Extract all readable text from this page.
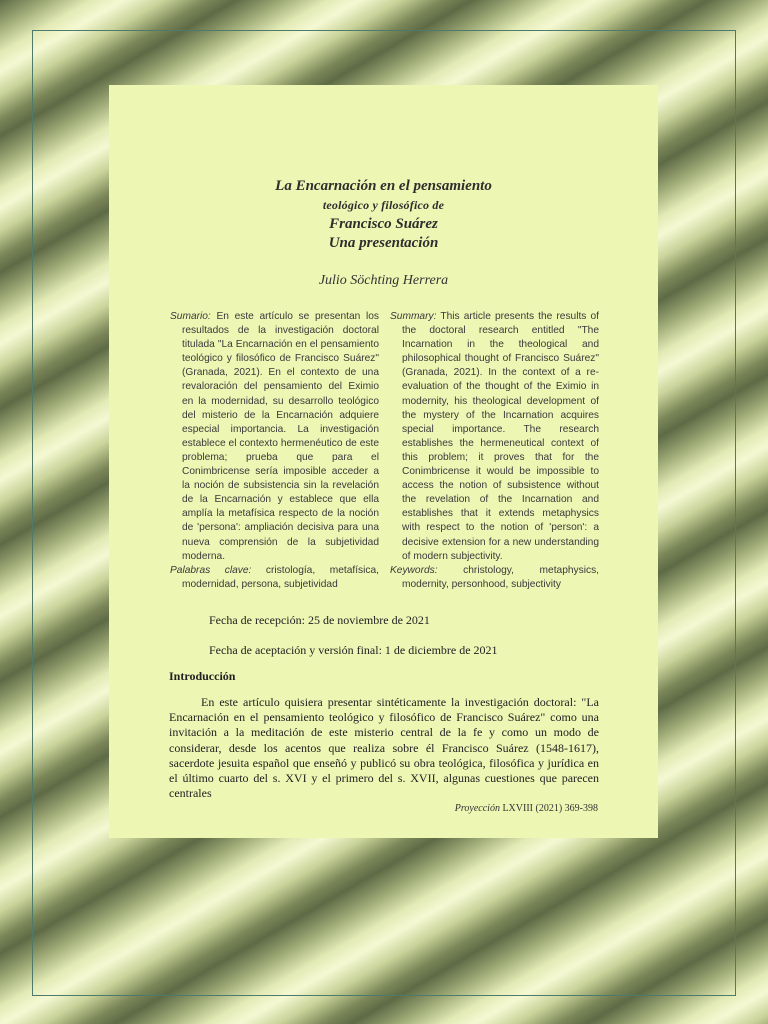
La Encarnación en el pensamiento
teológico y filosófico de
Francisco Suárez
Una presentación
Julio Söchting Herrera

Sumario: En este artículo se presentan los resultados de la investigación doctoral titulada "La Encarnación en el pensamiento teológico y filosófico de Francisco Suárez" (Granada, 2021). En el contexto de una revaloración del pensamiento del Eximio en la modernidad, su desarrollo teológico del misterio de la Encarnación adquiere especial importancia. La investigación establece el contexto hermenéutico de este problema; prueba que para el Conimbricense sería imposible acceder a la noción de subsistencia sin la revelación de la Encarnación y establece que ella amplía la metafísica respecto de la noción de 'persona': ampliación decisiva para una nueva comprensión de la subjetividad moderna.

Summary: This article presents the results of the doctoral research entitled "The Incarnation in the theological and philosophical thought of Francisco Suárez" (Granada, 2021). In the context of a re-evaluation of the thought of the Eximio in modernity, his theological development of the mystery of the Incarnation acquires special importance. The research establishes the hermeneutical context of this problem; it proves that for the Conimbricense it would be impossible to access the notion of subsistence without the revelation of the Incarnation and establishes that it extends metaphysics with respect to the notion of 'person': a decisive extension for a new understanding of modern subjectivity.

Palabras clave: cristología, metafísica, modernidad, persona, subjetividad

Keywords:	christology, metaphysics, modernity, personhood, subjectivity

Fecha de recepción: 25 de noviembre de 2021
Fecha de aceptación y versión final: 1 de diciembre de 2021
Introducción

En este artículo quisiera presentar sintéticamente la investigación doctoral: "La Encarnación en el pensamiento teológico y filosófico de Francisco Suárez" como una invitación a la meditación de este misterio central de la fe y como un modo de considerar, desde los acentos que realiza sobre él Francisco Suárez (1548-1617), sacerdote jesuita español que enseñó y publicó su obra teológica, filosófica y jurídica en el último cuarto del s. XVI y el primero del s. XVII, algunas cuestiones que parecen centrales

Proyección LXVIII (2021) 369-398
